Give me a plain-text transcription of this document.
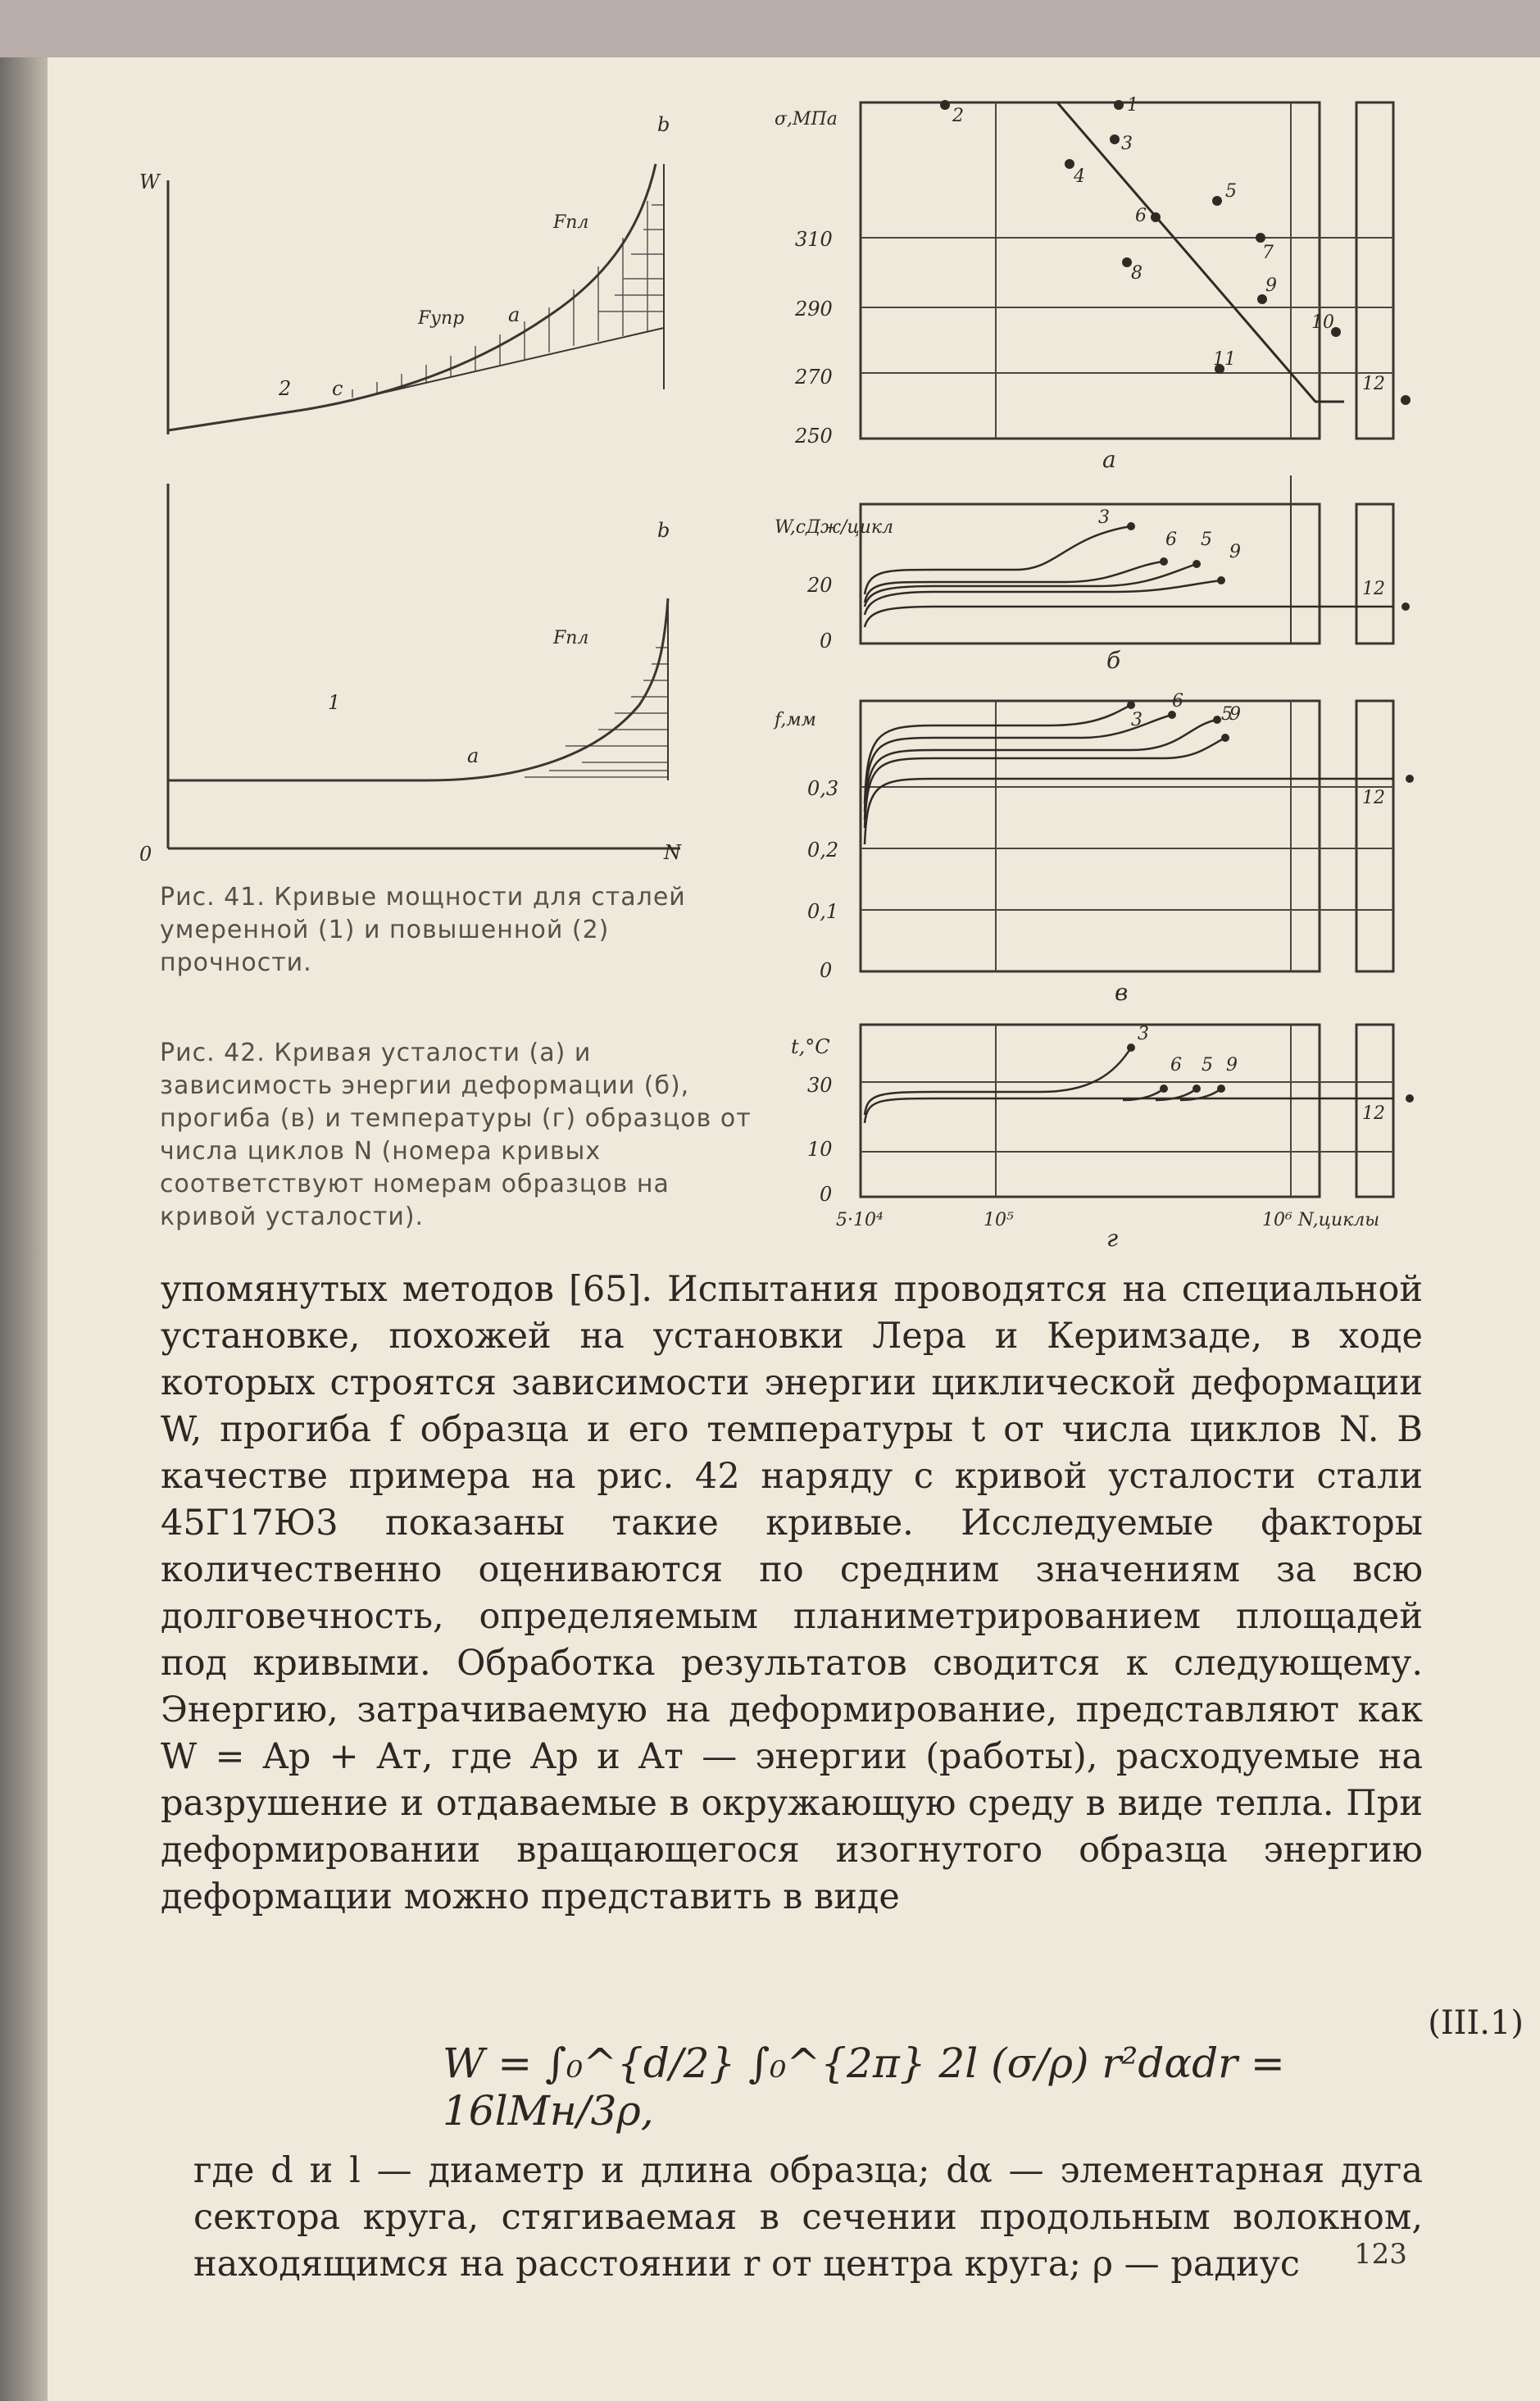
W
b
Fпл
Fупр a
c
2
b
Fпл
1
a
0	N
Рис. 41. Кривые мощности для сталей умеренной (1) и повышенной (2) прочности.
σ,МПа
310
290
270
250
а
2
1
3
4
5
6
7
8
9
10
11
12
W,сДж/цикл
20
0
б
3
6 5
9
12
f,мм
0,3
0,2
0,1
0
в
3
6
5
9
12
t,°C
30
10
0
5·10⁴	10⁵	10⁶ N,циклы
г
3
6 5 9
12
Рис. 42. Кривая усталости (а) и зависимость энергии деформации (б), прогиба (в) и температуры (г) образцов от числа циклов N (номера кривых соответствуют номерам образцов на кривой усталости).

упомянутых методов [65]. Испытания проводятся на специальной установке, похожей на установки Лера и Керимзаде, в ходе которых строятся зависимости энергии циклической деформации W, прогиба f образца и его температуры t от числа циклов N. В качестве примера на рис. 42 наряду с кривой усталости стали 45Г17Ю3 показаны такие кривые. Исследуемые факторы количественно оцениваются по средним значениям за всю долговечность, определяемым планиметрированием площадей под кривыми. Обработка результатов сводится к следующему. Энергию, затрачиваемую на деформирование, представляют как W = Aр + Aт, где Aр и Aт — энергии (работы), расходуемые на разрушение и отдаваемые в окружающую среду в виде тепла. При деформировании вращающегося изогнутого образца энергию деформации можно представить в виде

W = ∫₀^{d/2} ∫₀^{2π} 2l (σ/ρ) r²dαdr = 16lMн/3ρ,
(III.1)
где d и l — диаметр и длина образца; dα — элементарная дуга сектора круга, стягиваемая в сечении продольным волокном, находящимся на расстоянии r от центра круга; ρ — радиус	123
